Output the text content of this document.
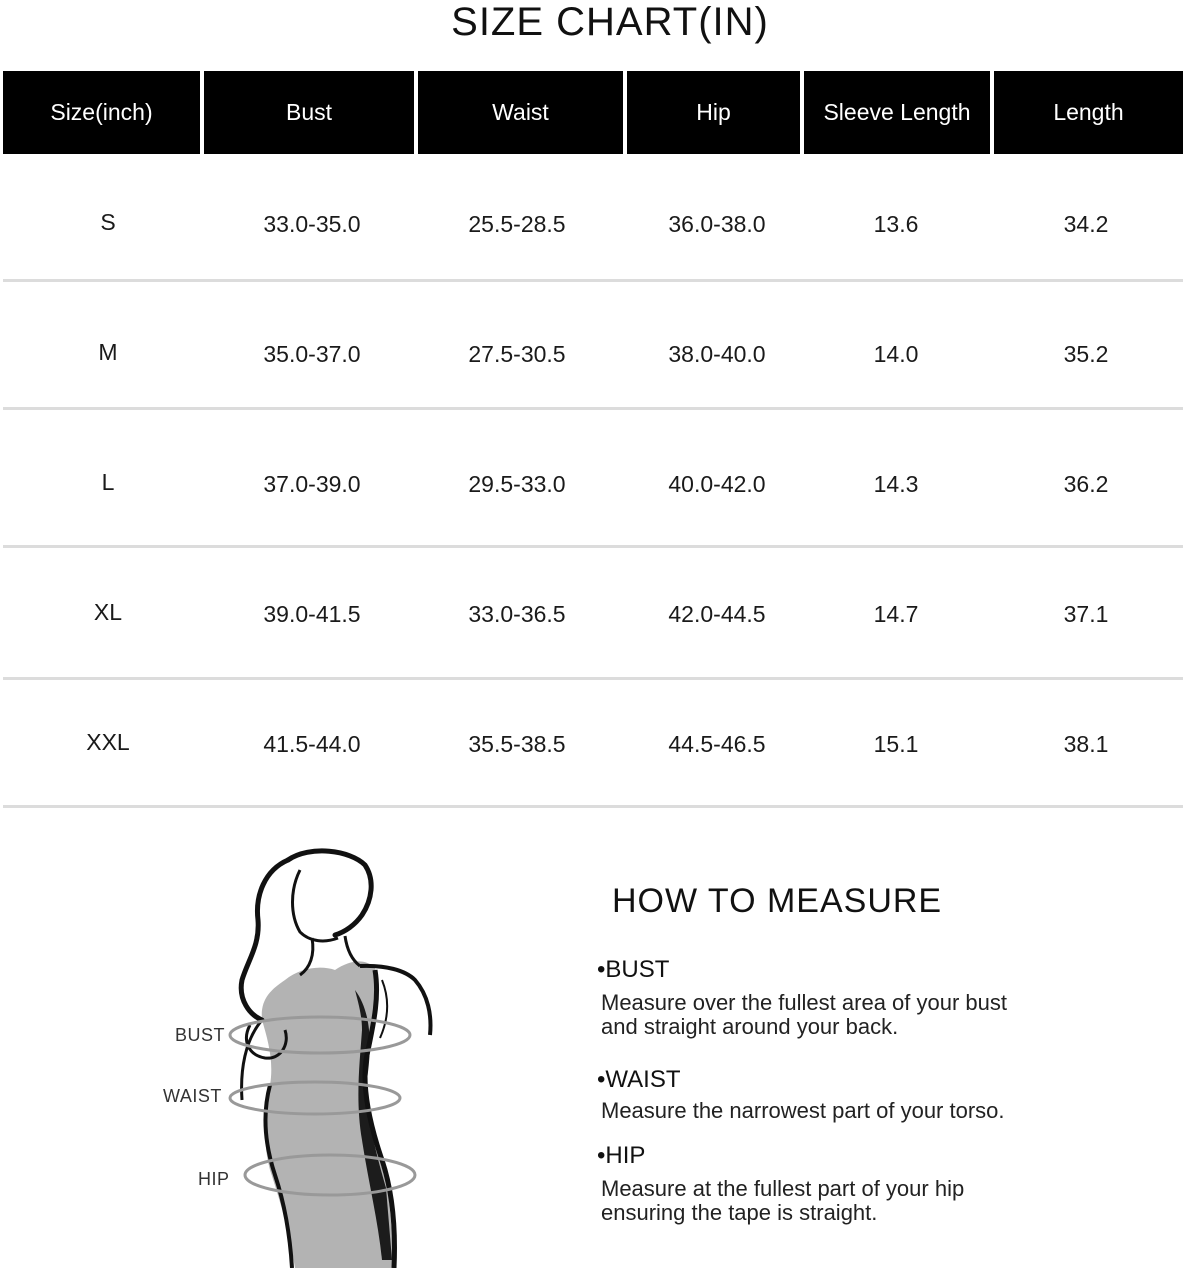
SIZE CHART(IN)
Size(inch)	Bust	Waist	Hip	Sleeve Length	Length
S	33.0-35.0	25.5-28.5	36.0-38.0	13.6	34.2
M	35.0-37.0	27.5-30.5	38.0-40.0	14.0	35.2
L	37.0-39.0	29.5-33.0	40.0-42.0	14.3	36.2
XL	39.0-41.5	33.0-36.5	42.0-44.5	14.7	37.1
XXL	41.5-44.0	35.5-38.5	44.5-46.5	15.1	38.1
BUST
WAIST
HIP
HOW TO MEASURE
•BUST
Measure over the fullest area of your bust
and straight around your back.
•WAIST
Measure the narrowest part of your torso.
•HIP
Measure at the fullest part of your hip
ensuring the tape is straight.
